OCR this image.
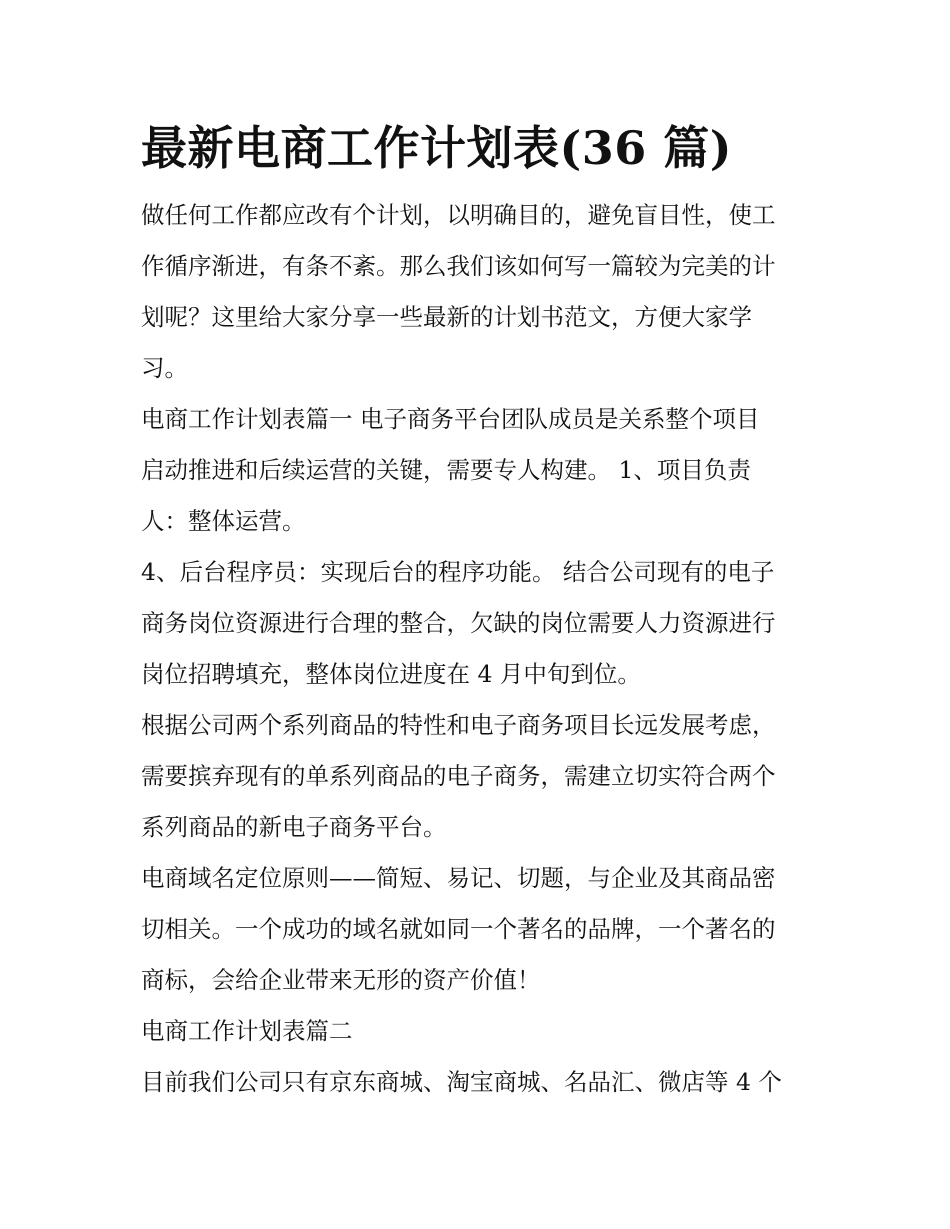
最新电商工作计划表(36 篇)

做任何工作都应改有个计划，以明确目的，避免盲目性，使工
作循序渐进，有条不紊。那么我们该如何写一篇较为完美的计
划呢？这里给大家分享一些最新的计划书范文，方便大家学
习。

电商工作计划表篇一 电子商务平台团队成员是关系整个项目
启动推进和后续运营的关键，需要专人构建。 1、项目负责
人：整体运营。

4、后台程序员：实现后台的程序功能。 结合公司现有的电子
商务岗位资源进行合理的整合，欠缺的岗位需要人力资源进行
岗位招聘填充，整体岗位进度在 4 月中旬到位。

根据公司两个系列商品的特性和电子商务项目长远发展考虑，
需要摈弃现有的单系列商品的电子商务，需建立切实符合两个
系列商品的新电子商务平台。

电商域名定位原则——简短、易记、切题，与企业及其商品密
切相关。一个成功的域名就如同一个著名的品牌，一个著名的
商标，会给企业带来无形的资产价值！

电商工作计划表篇二

目前我们公司只有京东商城、淘宝商城、名品汇、微店等 4 个
